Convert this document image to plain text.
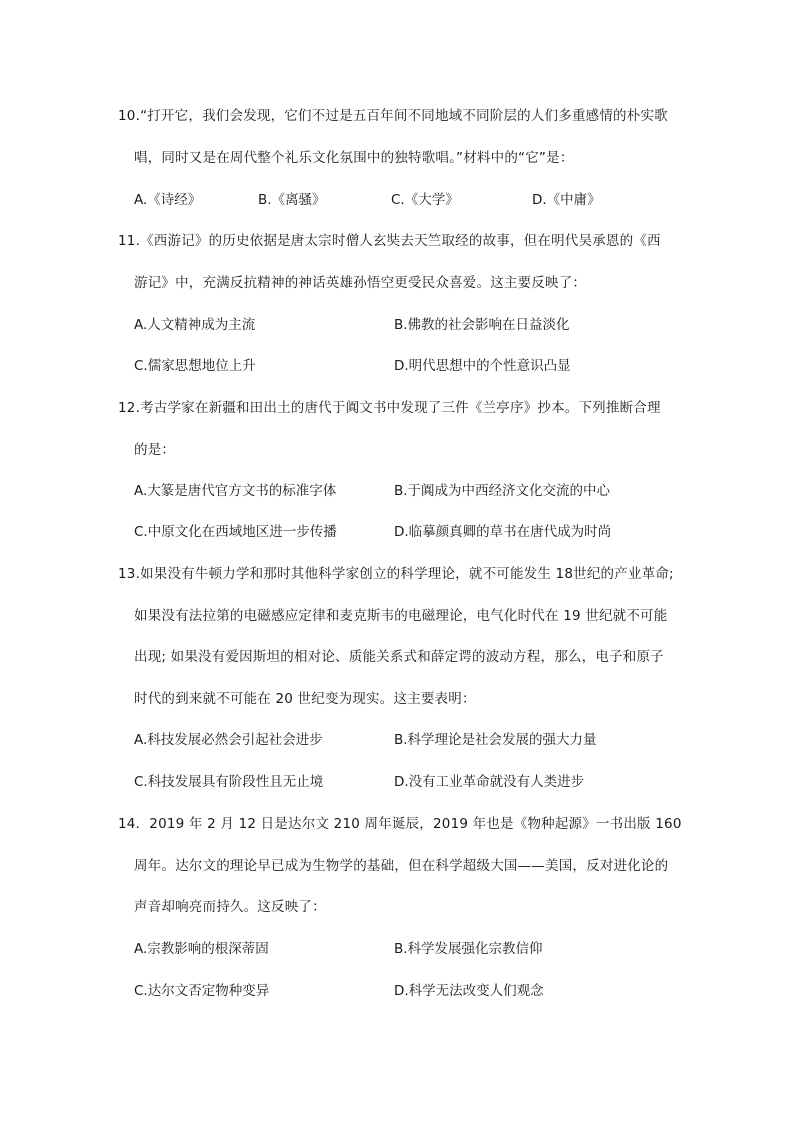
10.“打开它，我们会发现，它们不过是五百年间不同地域不同阶层的人们多重感情的朴实歌
唱，同时又是在周代整个礼乐文化氛围中的独特歌唱。”材料中的“它”是：
A.《诗经》	B.《离骚》	C.《大学》	D.《中庸》
11.《西游记》的历史依据是唐太宗时僧人玄奘去天竺取经的故事，但在明代吴承恩的《西
游记》中，充满反抗精神的神话英雄孙悟空更受民众喜爱。这主要反映了：
A.人文精神成为主流	B.佛教的社会影响在日益淡化
C.儒家思想地位上升	D.明代思想中的个性意识凸显
12.考古学家在新疆和田出土的唐代于阗文书中发现了三件《兰亭序》抄本。下列推断合理
的是：
A.大篆是唐代官方文书的标准字体	B.于阗成为中西经济文化交流的中心
C.中原文化在西域地区进一步传播	D.临摹颜真卿的草书在唐代成为时尚
13.如果没有牛顿力学和那时其他科学家创立的科学理论，就不可能发生 18世纪的产业革命;
如果没有法拉第的电磁感应定律和麦克斯韦的电磁理论，电气化时代在 19 世纪就不可能
出现; 如果没有爱因斯坦的相对论、质能关系式和薛定谔的波动方程，那么，电子和原子
时代的到来就不可能在 20 世纪变为现实。这主要表明：
A.科技发展必然会引起社会进步	B.科学理论是社会发展的强大力量
C.科技发展具有阶段性且无止境	D.没有工业革命就没有人类进步
14．2019 年 2 月 12 日是达尔文 210 周年诞辰，2019 年也是《物种起源》一书出版 160
周年。达尔文的理论早已成为生物学的基础，但在科学超级大国——美国，反对进化论的
声音却响亮而持久。这反映了：
A.宗教影响的根深蒂固	B.科学发展强化宗教信仰
C.达尔文否定物种变异	D.科学无法改变人们观念
